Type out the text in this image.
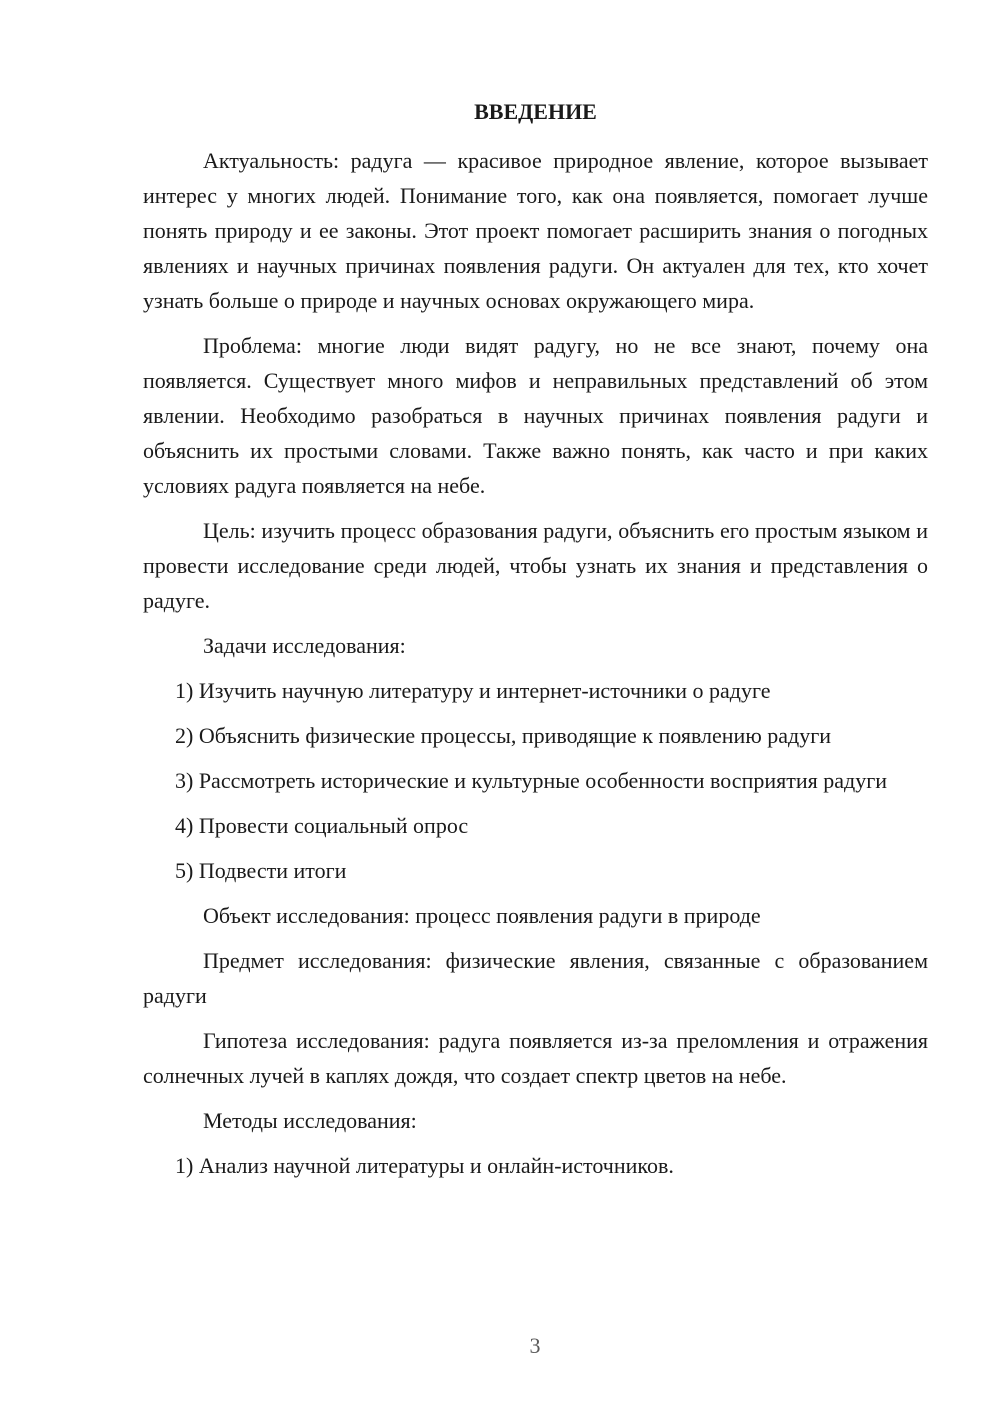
ВВЕДЕНИЕ

Актуальность: радуга — красивое природное явление, которое вызывает интерес у многих людей. Понимание того, как она появляется, помогает лучше понять природу и ее законы. Этот проект помогает расширить знания о погодных явлениях и научных причинах появления радуги. Он актуален для тех, кто хочет узнать больше о природе и научных основах окружающего мира.

Проблема: многие люди видят радугу, но не все знают, почему она появляется. Существует много мифов и неправильных представлений об этом явлении. Необходимо разобраться в научных причинах появления радуги и объяснить их простыми словами. Также важно понять, как часто и при каких условиях радуга появляется на небе.

Цель: изучить процесс образования радуги, объяснить его простым языком и провести исследование среди людей, чтобы узнать их знания и представления о радуге.

Задачи исследования:

1) Изучить научную литературу и интернет-источники о радуге

2) Объяснить физические процессы, приводящие к появлению радуги

3) Рассмотреть исторические и культурные особенности восприятия радуги

4) Провести социальный опрос

5) Подвести итоги

Объект исследования: процесс появления радуги в природе

Предмет исследования: физические явления, связанные с образованием радуги

Гипотеза исследования: радуга появляется из-за преломления и отражения солнечных лучей в каплях дождя, что создает спектр цветов на небе.

Методы исследования:

1) Анализ научной литературы и онлайн-источников.

3
